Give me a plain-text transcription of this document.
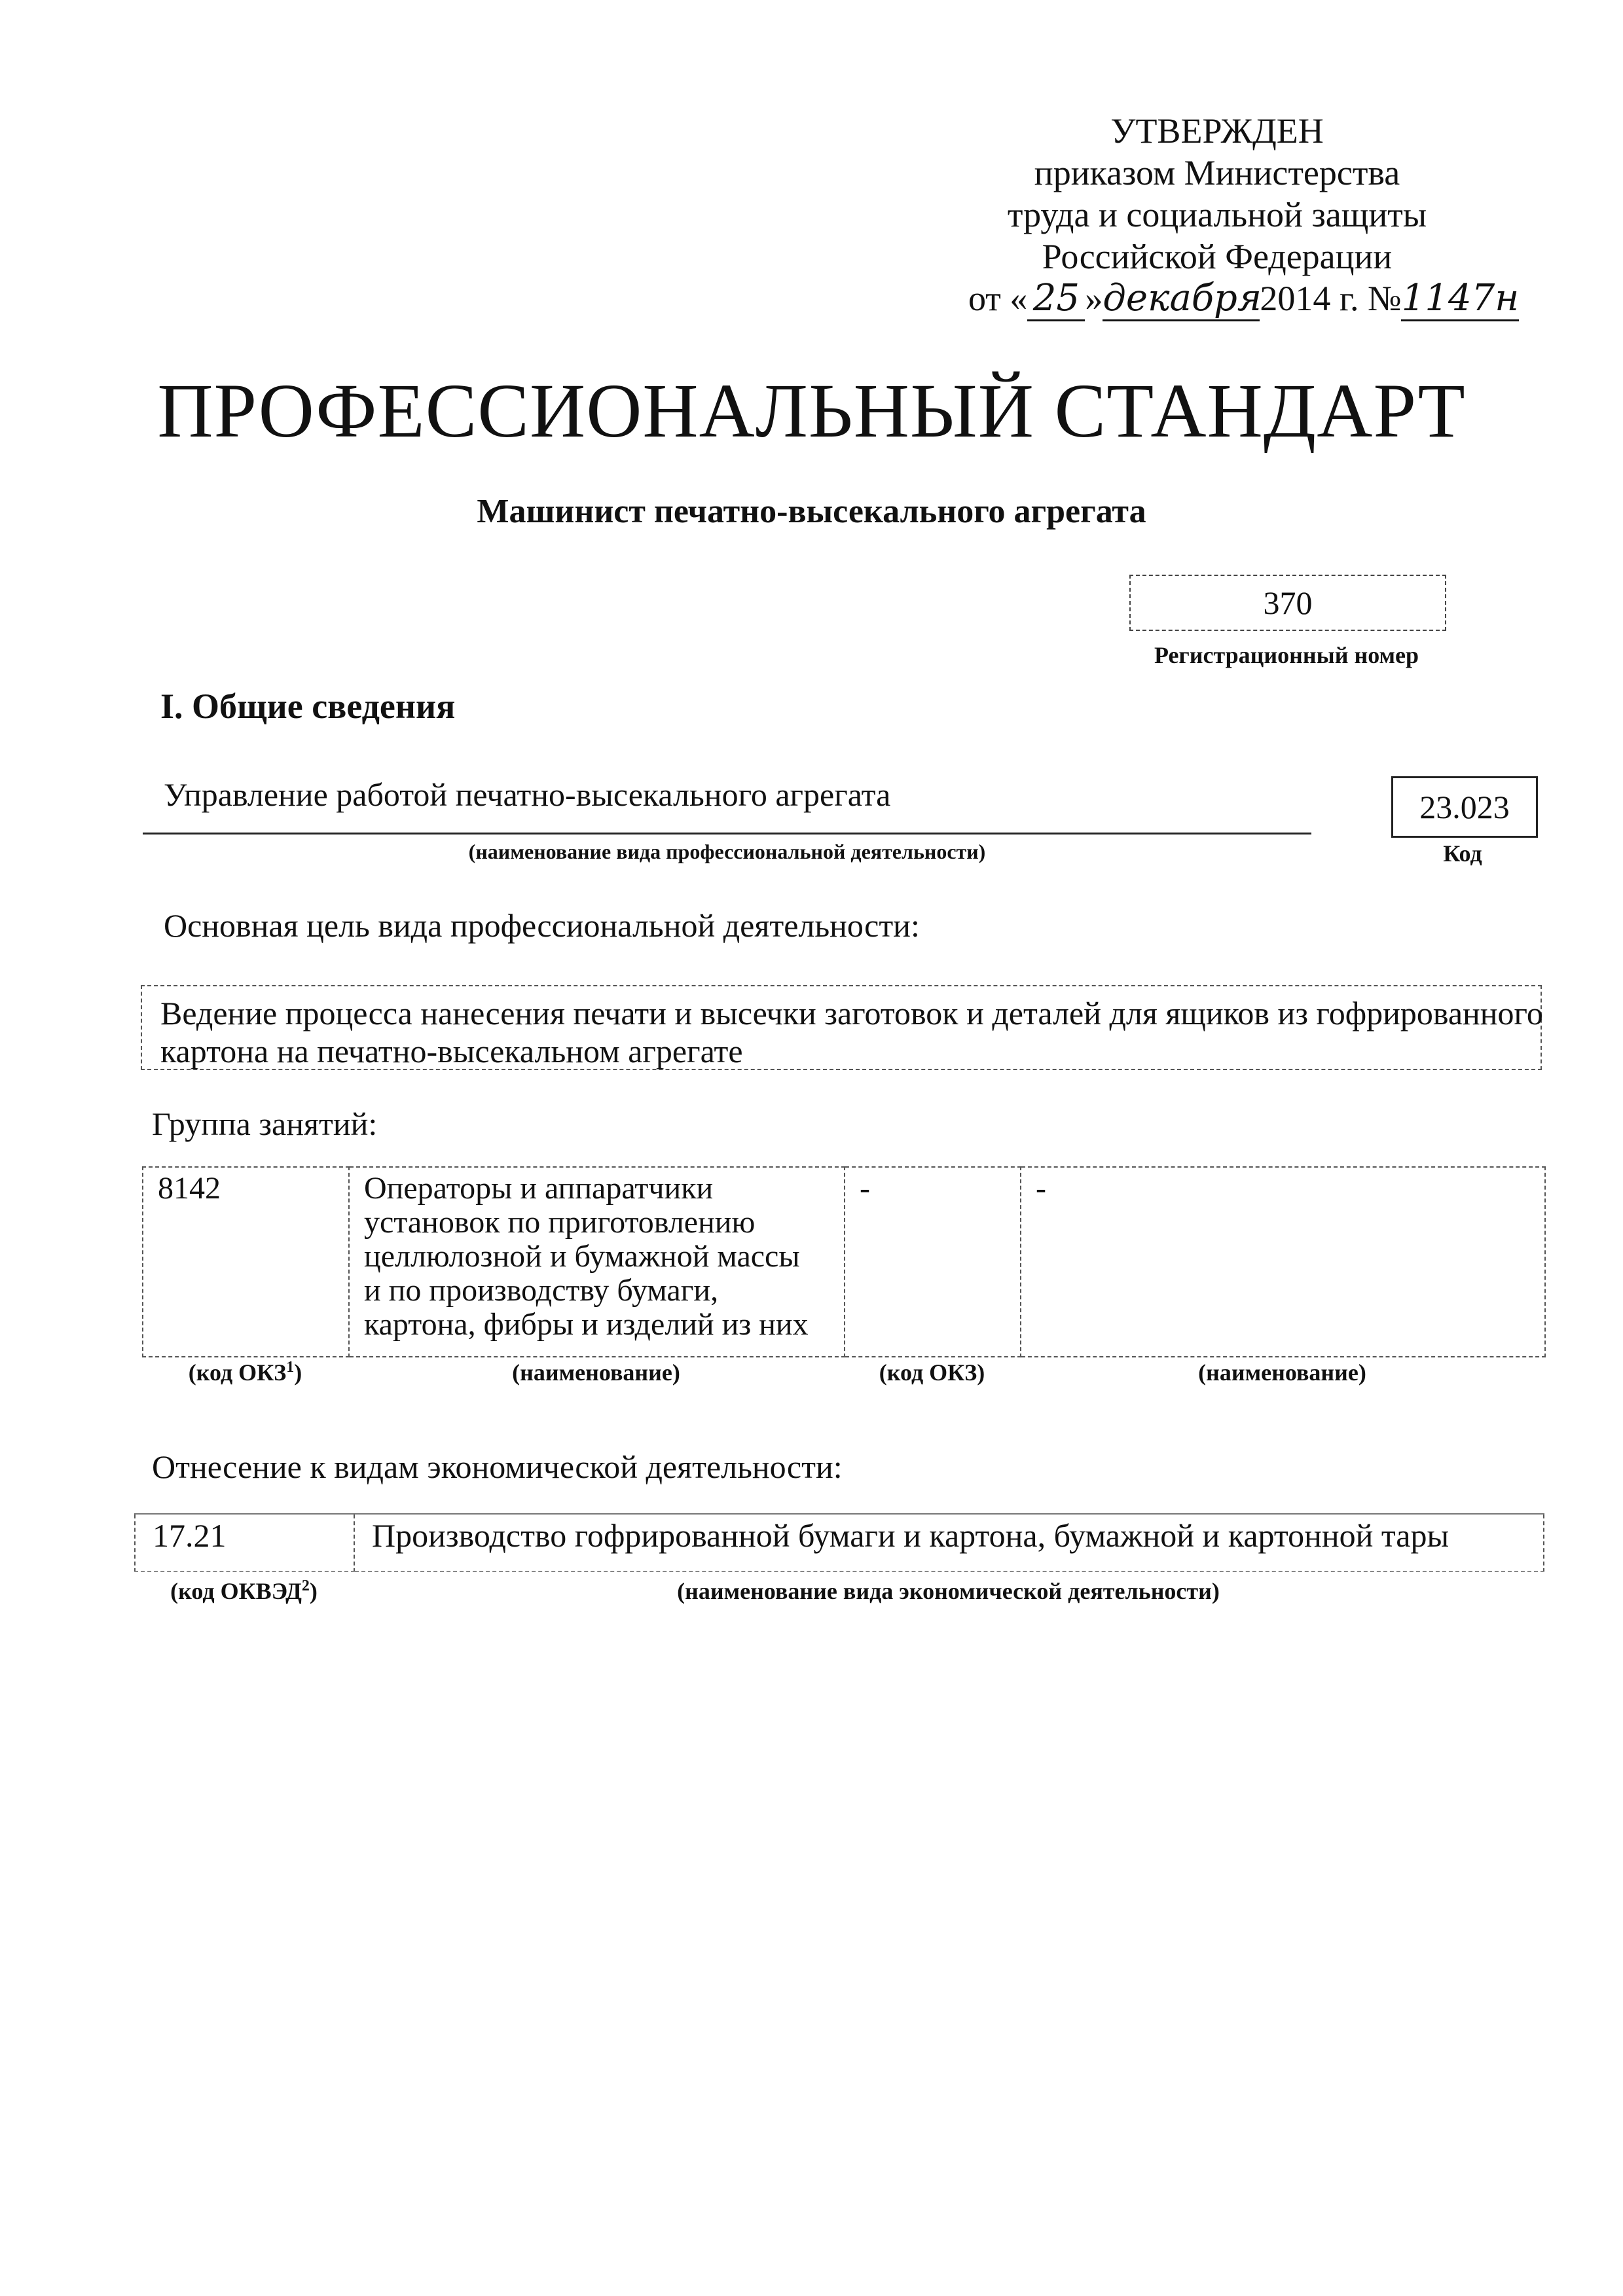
УТВЕРЖДЕН
приказом Министерства
труда и социальной защиты
Российской Федерации
от « 25 »декабря2014 г. №1147н
ПРОФЕССИОНАЛЬНЫЙ СТАНДАРТ
Машинист печатно-высекального агрегата
370
Регистрационный номер
I. Общие сведения
Управление работой печатно-высекального агрегата
(наименование вида профессиональной деятельности)
23.023
Код
Основная цель вида профессиональной деятельности:
Ведение процесса нанесения печати и высечки заготовок и деталей для ящиков из гофрированного
картона на печатно-высекальном агрегате
Группа занятий:
8142	Операторы и аппаратчики
установок по приготовлению
целлюлозной и бумажной массы
и по производству бумаги,
картона, фибры и изделий из них
	-	-
(код ОКЗ$^1$)	(наименование)	(код ОКЗ)	(наименование)
Отнесение к видам экономической деятельности:
17.21	Производство гофрированной бумаги и картона, бумажной и картонной тары
(код ОКВЭД$^2$)	(наименование вида экономической деятельности)
